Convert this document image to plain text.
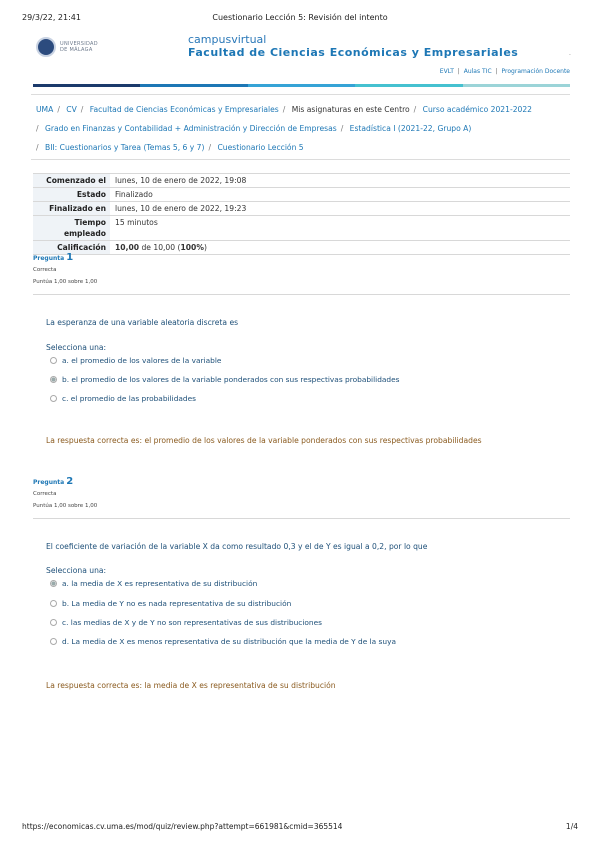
29/3/22, 21:41	Cuestionario Lección 5: Revisión del intento
UNIVERSIDAD
DE MÁLAGA
campusvirtual
Facultad de Ciencias Económicas y Empresariales	·
EVLT | Aulas TIC | Programación Docente
UMA / CV / Facultad de Ciencias Económicas y Empresariales / Mis asignaturas en este Centro / Curso académico 2021-2022
/ Grado en Finanzas y Contabilidad + Administración y Dirección de Empresas / Estadística I (2021-22, Grupo A)
/ BII: Cuestionarios y Tarea (Temas 5, 6 y 7) / Cuestionario Lección 5
Comenzado el	lunes, 10 de enero de 2022, 19:08
Estado	Finalizado
Finalizado en	lunes, 10 de enero de 2022, 19:23
Tiempo
empleado	15 minutos
Calificación	10,00 de 10,00 (100%)
Pregunta 1
Correcta
Puntúa 1,00 sobre 1,00
La esperanza de una variable aleatoria discreta es
Selecciona una:
a. el promedio de los valores de la variable
b. el promedio de los valores de la variable ponderados con sus respectivas probabilidades
c. el promedio de las probabilidades
La respuesta correcta es: el promedio de los valores de la variable ponderados con sus respectivas probabilidades
Pregunta 2
Correcta
Puntúa 1,00 sobre 1,00
El coeficiente de variación de la variable X da como resultado 0,3 y el de Y es igual a 0,2, por lo que
Selecciona una:
a. la media de X es representativa de su distribución
b. La media de Y no es nada representativa de su distribución
c. las medias de X y de Y no son representativas de sus distribuciones
d. La media de X es menos representativa de su distribución que la media de Y de la suya
La respuesta correcta es: la media de X es representativa de su distribución
https://economicas.cv.uma.es/mod/quiz/review.php?attempt=661981&cmid=365514	1/4
